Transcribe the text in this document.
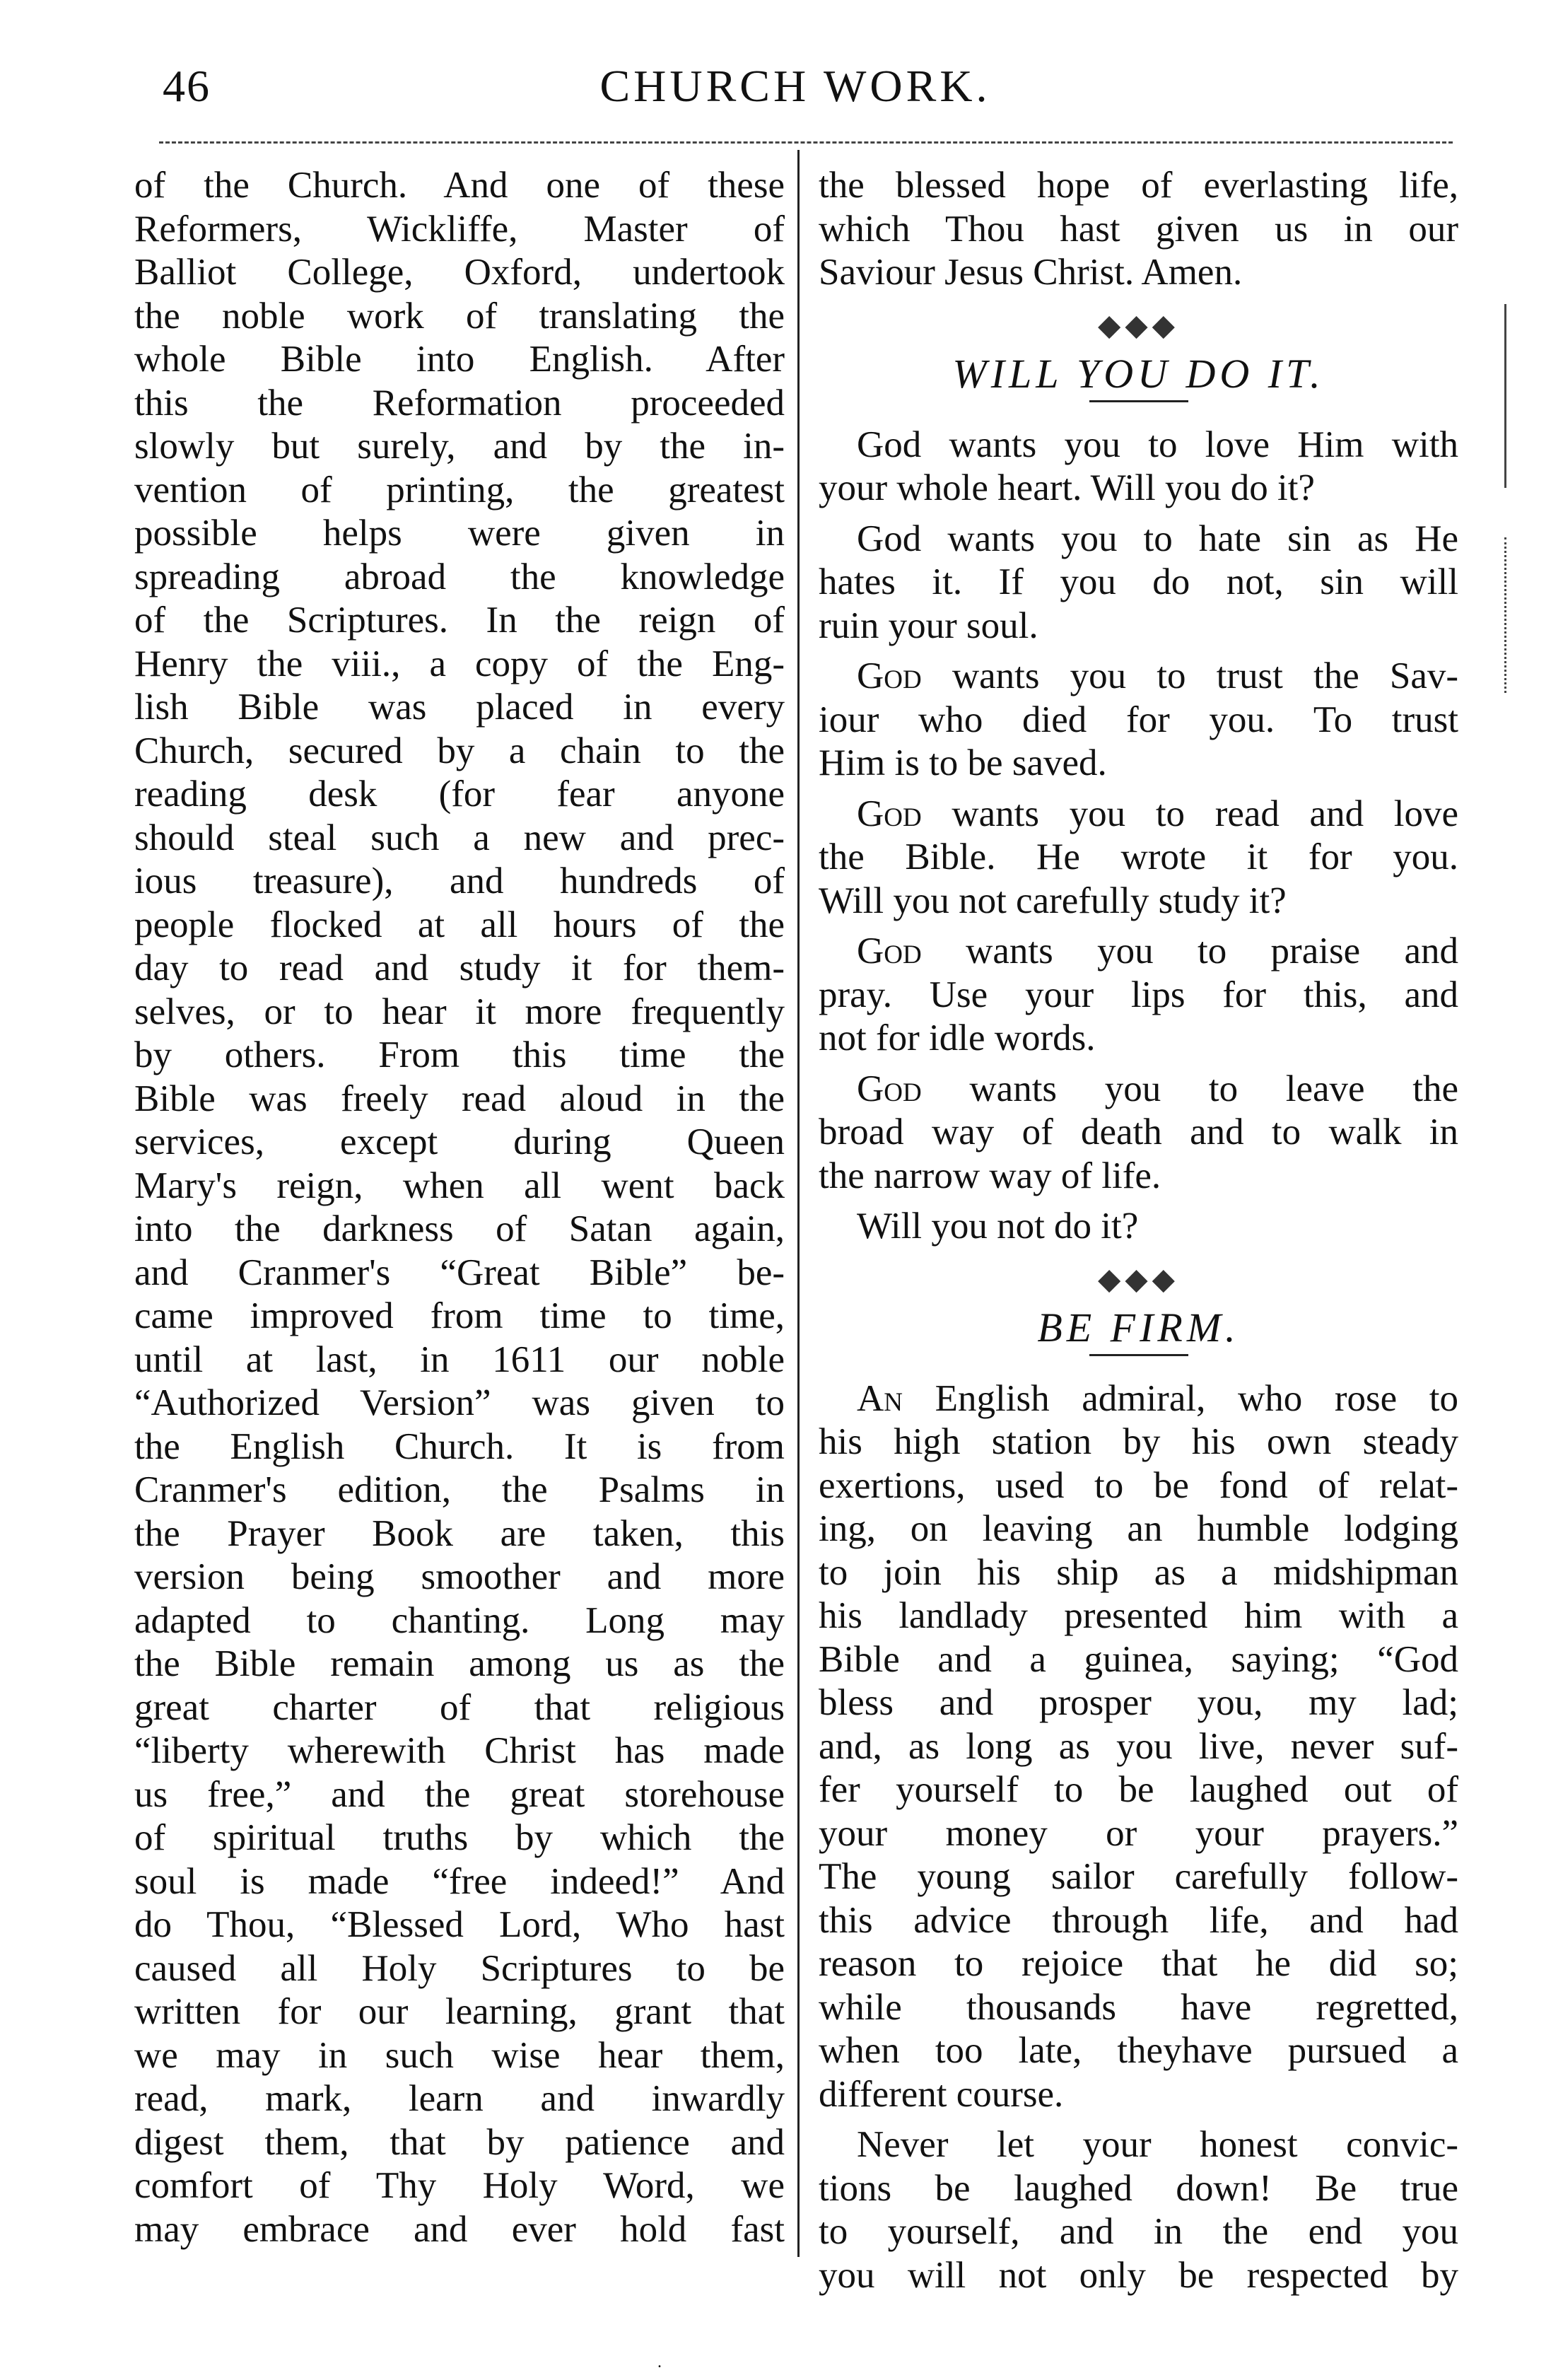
46	CHURCH WORK.
of the Church. And one of these
Reformers, Wickliffe, Master of
Balliot College, Oxford, undertook
the noble work of translating the
whole Bible into English. After
this the Reformation proceeded
slowly but surely, and by the in-
vention of printing, the greatest
possible helps were given in
spreading abroad the knowledge
of the Scriptures. In the reign of
Henry the viii., a copy of the Eng-
lish Bible was placed in every
Church, secured by a chain to the
reading desk (for fear anyone
should steal such a new and prec-
ious treasure), and hundreds of
people flocked at all hours of the
day to read and study it for them-
selves, or to hear it more frequently
by others. From this time the
Bible was freely read aloud in the
services, except during Queen
Mary's reign, when all went back
into the darkness of Satan again,
and Cranmer's “Great Bible” be-
came improved from time to time,
until at last, in 1611 our noble
“Authorized Version” was given to
the English Church. It is from
Cranmer's edition, the Psalms in
the Prayer Book are taken, this
version being smoother and more
adapted to chanting. Long may
the Bible remain among us as the
great charter of that religious
“liberty wherewith Christ has made
us free,” and the great storehouse
of spiritual truths by which the
soul is made “free indeed!” And
do Thou, “Blessed Lord, Who hast
caused all Holy Scriptures to be
written for our learning, grant that
we may in such wise hear them,
read, mark, learn and inwardly
digest them, that by patience and
comfort of Thy Holy Word, we
may embrace and ever hold fast
the blessed hope of everlasting life,
which Thou hast given us in our
Saviour Jesus Christ. Amen.
◆◆◆
WILL YOU DO IT.
God wants you to love Him with
your whole heart. Will you do it?
God wants you to hate sin as He
hates it. If you do not, sin will
ruin your soul.
God wants you to trust the Sav-
iour who died for you. To trust
Him is to be saved.
God wants you to read and love
the Bible. He wrote it for you.
Will you not carefully study it?
God wants you to praise and
pray. Use your lips for this, and
not for idle words.
God wants you to leave the
broad way of death and to walk in
the narrow way of life.
Will you not do it?
◆◆◆
BE FIRM.
An English admiral, who rose to
his high station by his own steady
exertions, used to be fond of relat-
ing, on leaving an humble lodging
to join his ship as a midshipman
his landlady presented him with a
Bible and a guinea, saying; “God
bless and prosper you, my lad;
and, as long as you live, never suf-
fer yourself to be laughed out of
your money or your prayers.”
The young sailor carefully follow-
this advice through life, and had
reason to rejoice that he did so;
while thousands have regretted,
when too late, theyhave pursued a
different course.
Never let your honest convic-
tions be laughed down! Be true
to yourself, and in the end you
you will not only be respected by
.
